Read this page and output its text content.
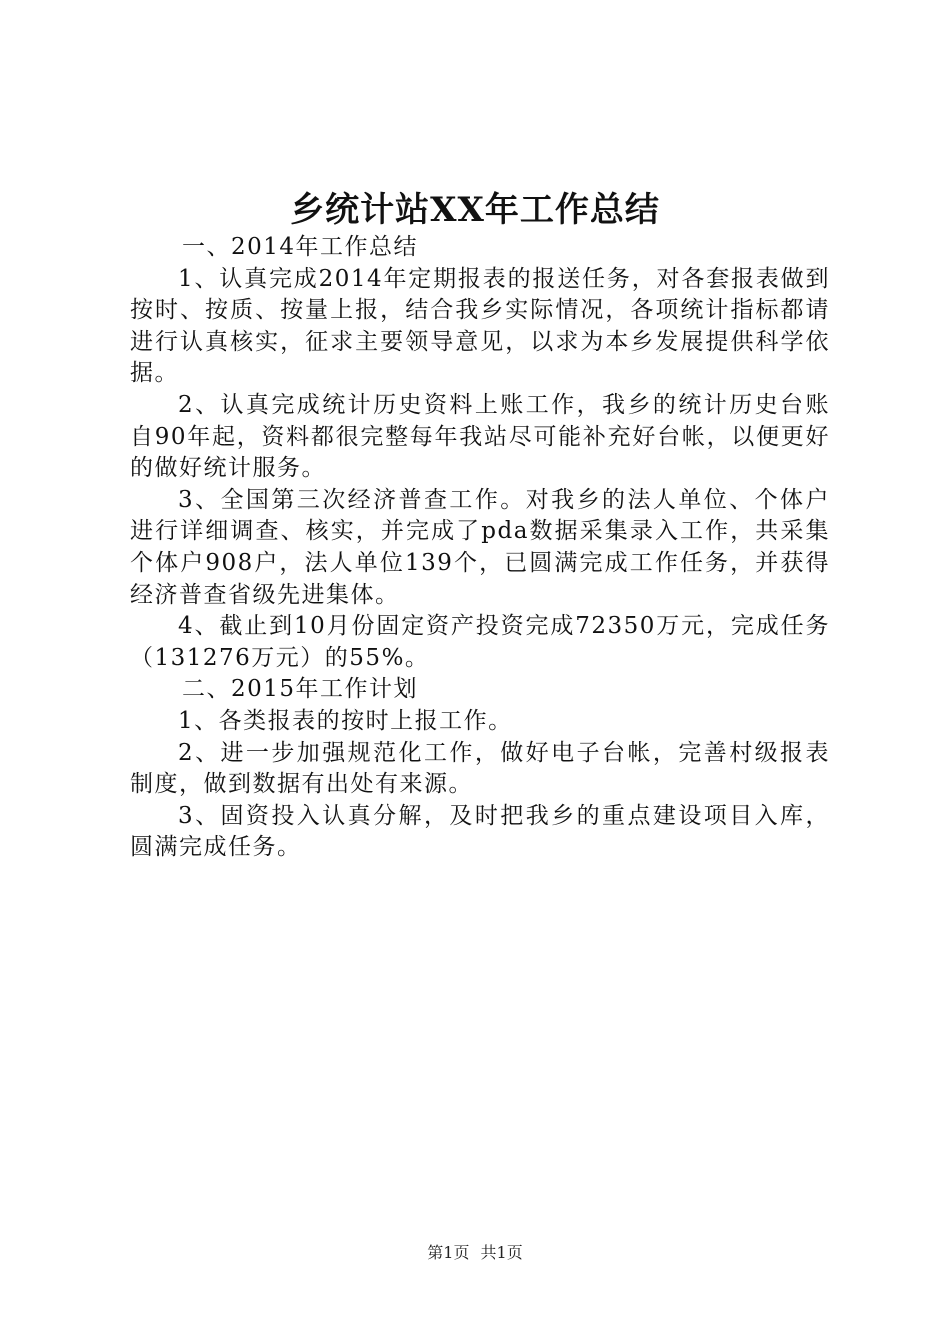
乡统计站XX年工作总结

一、2014年工作总结

1、认真完成2014年定期报表的报送任务，对各套报表做到按时、按质、按量上报，结合我乡实际情况，各项统计指标都请进行认真核实，征求主要领导意见，以求为本乡发展提供科学依据。

2、认真完成统计历史资料上账工作，我乡的统计历史台账自90年起，资料都很完整每年我站尽可能补充好台帐，以便更好的做好统计服务。

3、全国第三次经济普查工作。对我乡的法人单位、个体户进行详细调查、核实，并完成了pda数据采集录入工作，共采集个体户908户，法人单位139个，已圆满完成工作任务，并获得经济普查省级先进集体。

4、截止到10月份固定资产投资完成72350万元，完成任务（131276万元）的55%。

二、2015年工作计划

1、各类报表的按时上报工作。

2、进一步加强规范化工作，做好电子台帐，完善村级报表制度，做到数据有出处有来源。

3、固资投入认真分解，及时把我乡的重点建设项目入库，圆满完成任务。

第1页 共1页
